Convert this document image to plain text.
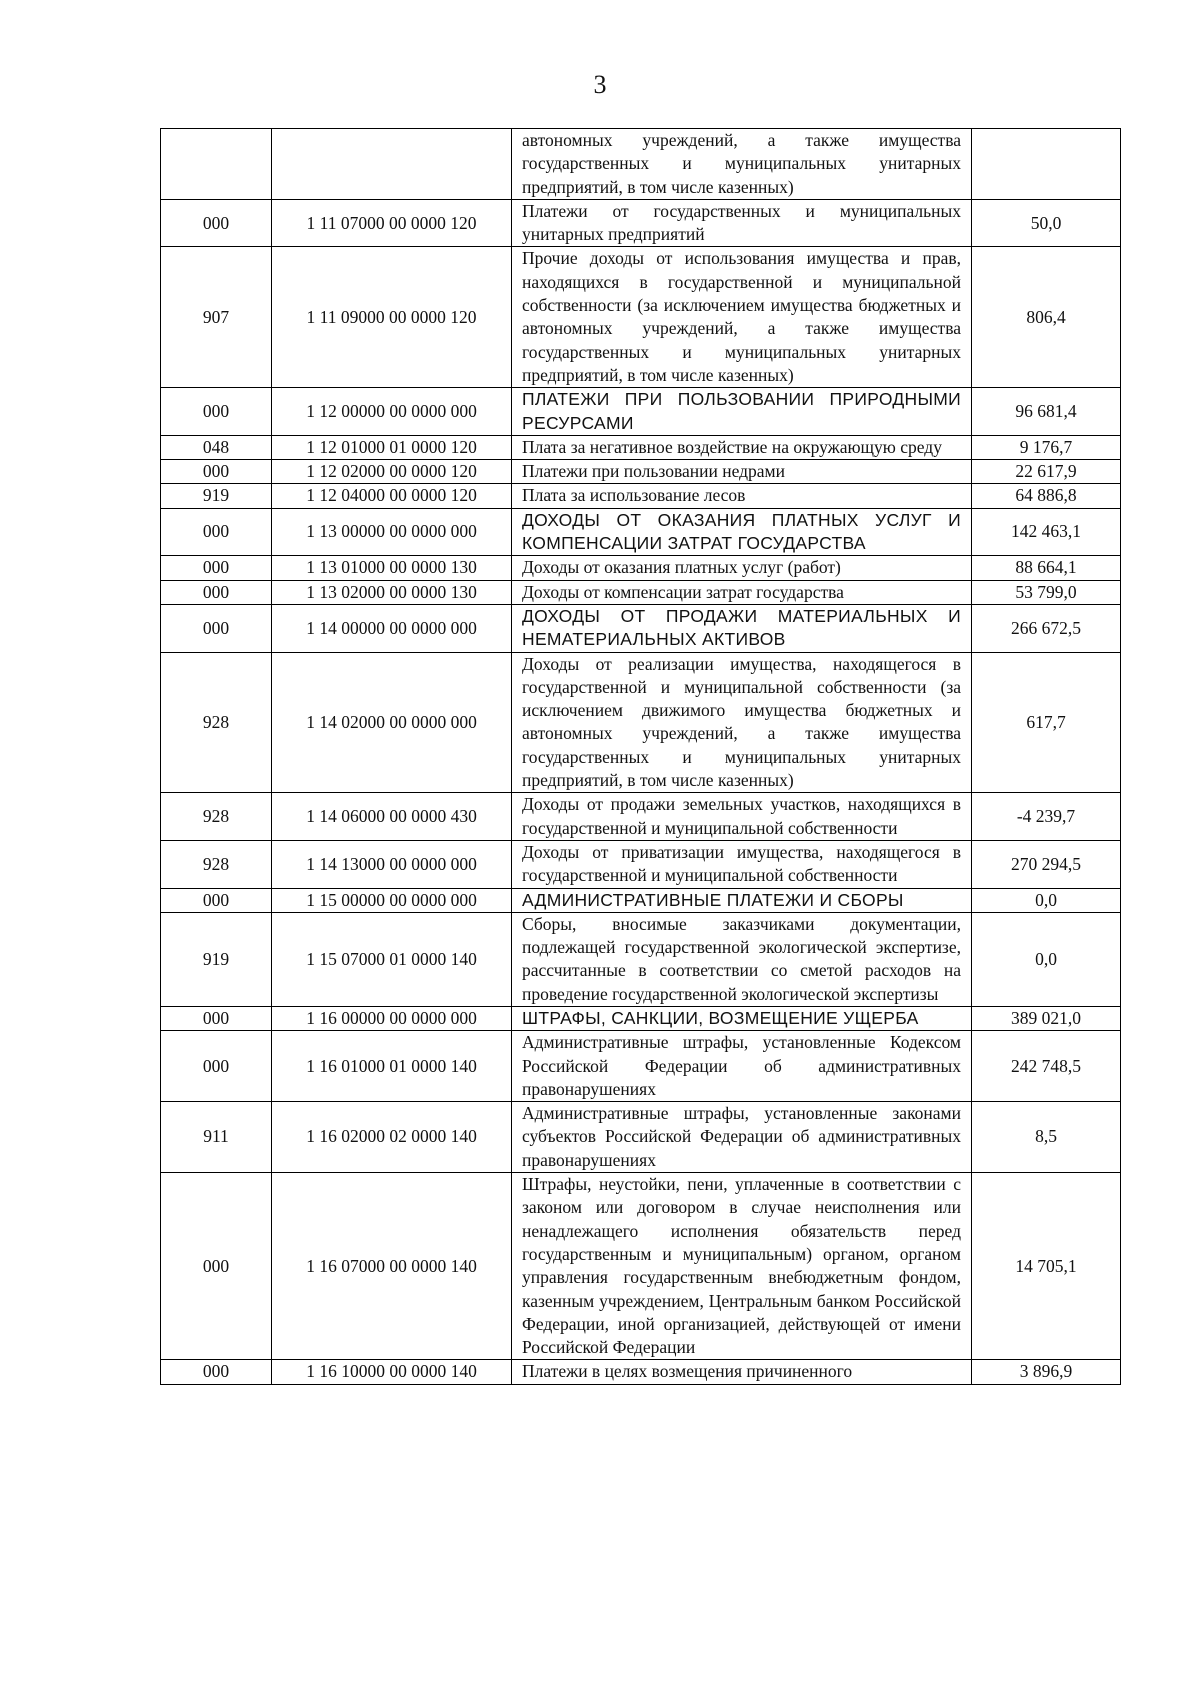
3
		автономных учреждений, а также имущества государственных и муниципальных унитарных предприятий, в том числе казенных)	
000	1 11 07000 00 0000 120	Платежи от государственных и муниципальных унитарных предприятий	50,0
907	1 11 09000 00 0000 120	Прочие доходы от использования имущества и прав, находящихся в государственной и муниципальной собственности (за исключением имущества бюджетных и автономных учреждений, а также имущества государственных и муниципальных унитарных предприятий, в том числе казенных)	806,4
000	1 12 00000 00 0000 000	ПЛАТЕЖИ ПРИ ПОЛЬЗОВАНИИ ПРИРОДНЫМИ РЕСУРСАМИ	96 681,4
048	1 12 01000 01 0000 120	Плата за негативное воздействие на окружающую среду	9 176,7
000	1 12 02000 00 0000 120	Платежи при пользовании недрами	22 617,9
919	1 12 04000 00 0000 120	Плата за использование лесов	64 886,8
000	1 13 00000 00 0000 000	ДОХОДЫ ОТ ОКАЗАНИЯ ПЛАТНЫХ УСЛУГ И КОМПЕНСАЦИИ ЗАТРАТ ГОСУДАРСТВА	142 463,1
000	1 13 01000 00 0000 130	Доходы от оказания платных услуг (работ)	88 664,1
000	1 13 02000 00 0000 130	Доходы от компенсации затрат государства	53 799,0
000	1 14 00000 00 0000 000	ДОХОДЫ ОТ ПРОДАЖИ МАТЕРИАЛЬНЫХ И НЕМАТЕРИАЛЬНЫХ АКТИВОВ	266 672,5
928	1 14 02000 00 0000 000	Доходы от реализации имущества, находящегося в государственной и муниципальной собственности (за исключением движимого имущества бюджетных и автономных учреждений, а также имущества государственных и муниципальных унитарных предприятий, в том числе казенных)	617,7
928	1 14 06000 00 0000 430	Доходы от продажи земельных участков, находящихся в государственной и муниципальной собственности	-4 239,7
928	1 14 13000 00 0000 000	Доходы от приватизации имущества, находящегося в государственной и муниципальной собственности	270 294,5
000	1 15 00000 00 0000 000	АДМИНИСТРАТИВНЫЕ ПЛАТЕЖИ И СБОРЫ	0,0
919	1 15 07000 01 0000 140	Сборы, вносимые заказчиками документации, подлежащей государственной экологической экспертизе, рассчитанные в соответствии со сметой расходов на проведение государственной экологической экспертизы	0,0
000	1 16 00000 00 0000 000	ШТРАФЫ, САНКЦИИ, ВОЗМЕЩЕНИЕ УЩЕРБА	389 021,0
000	1 16 01000 01 0000 140	Административные штрафы, установленные Кодексом Российской Федерации об административных правонарушениях	242 748,5
911	1 16 02000 02 0000 140	Административные штрафы, установленные законами субъектов Российской Федерации об административных правонарушениях	8,5
000	1 16 07000 00 0000 140	Штрафы, неустойки, пени, уплаченные в соответствии с законом или договором в случае неисполнения или ненадлежащего исполнения обязательств перед государственным и муниципальным) органом, органом управления государственным внебюджетным фондом, казенным учреждением, Центральным банком Российской Федерации, иной организацией, действующей от имени Российской Федерации	14 705,1
000	1 16 10000 00 0000 140	Платежи в целях возмещения причиненного	3 896,9
